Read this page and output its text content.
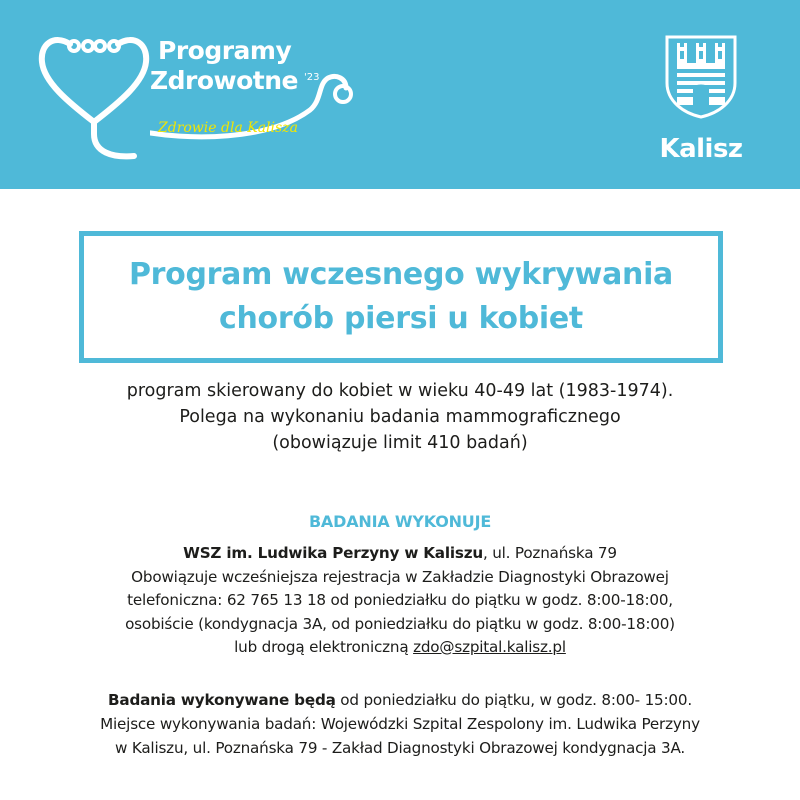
Programy
Zdrowotne '23
Zdrowie dla Kalisza
Kalisz
Program wczesnego wykrywania
chorób piersi u kobiet
program skierowany do kobiet w wieku 40-49 lat (1983-1974).
Polega na wykonaniu badania mammograficznego
(obowiązuje limit 410 badań)
BADANIA WYKONUJE
WSZ im. Ludwika Perzyny w Kaliszu, ul. Poznańska 79
Obowiązuje wcześniejsza rejestracja w Zakładzie Diagnostyki Obrazowej
telefoniczna: 62 765 13 18 od poniedziałku do piątku w godz. 8:00-18:00,
osobiście (kondygnacja 3A, od poniedziałku do piątku w godz. 8:00-18:00)
lub drogą elektroniczną zdo@szpital.kalisz.pl
Badania wykonywane będą od poniedziałku do piątku, w godz. 8:00- 15:00.
Miejsce wykonywania badań: Wojewódzki Szpital Zespolony im. Ludwika Perzyny
w Kaliszu, ul. Poznańska 79 - Zakład Diagnostyki Obrazowej kondygnacja 3A.
